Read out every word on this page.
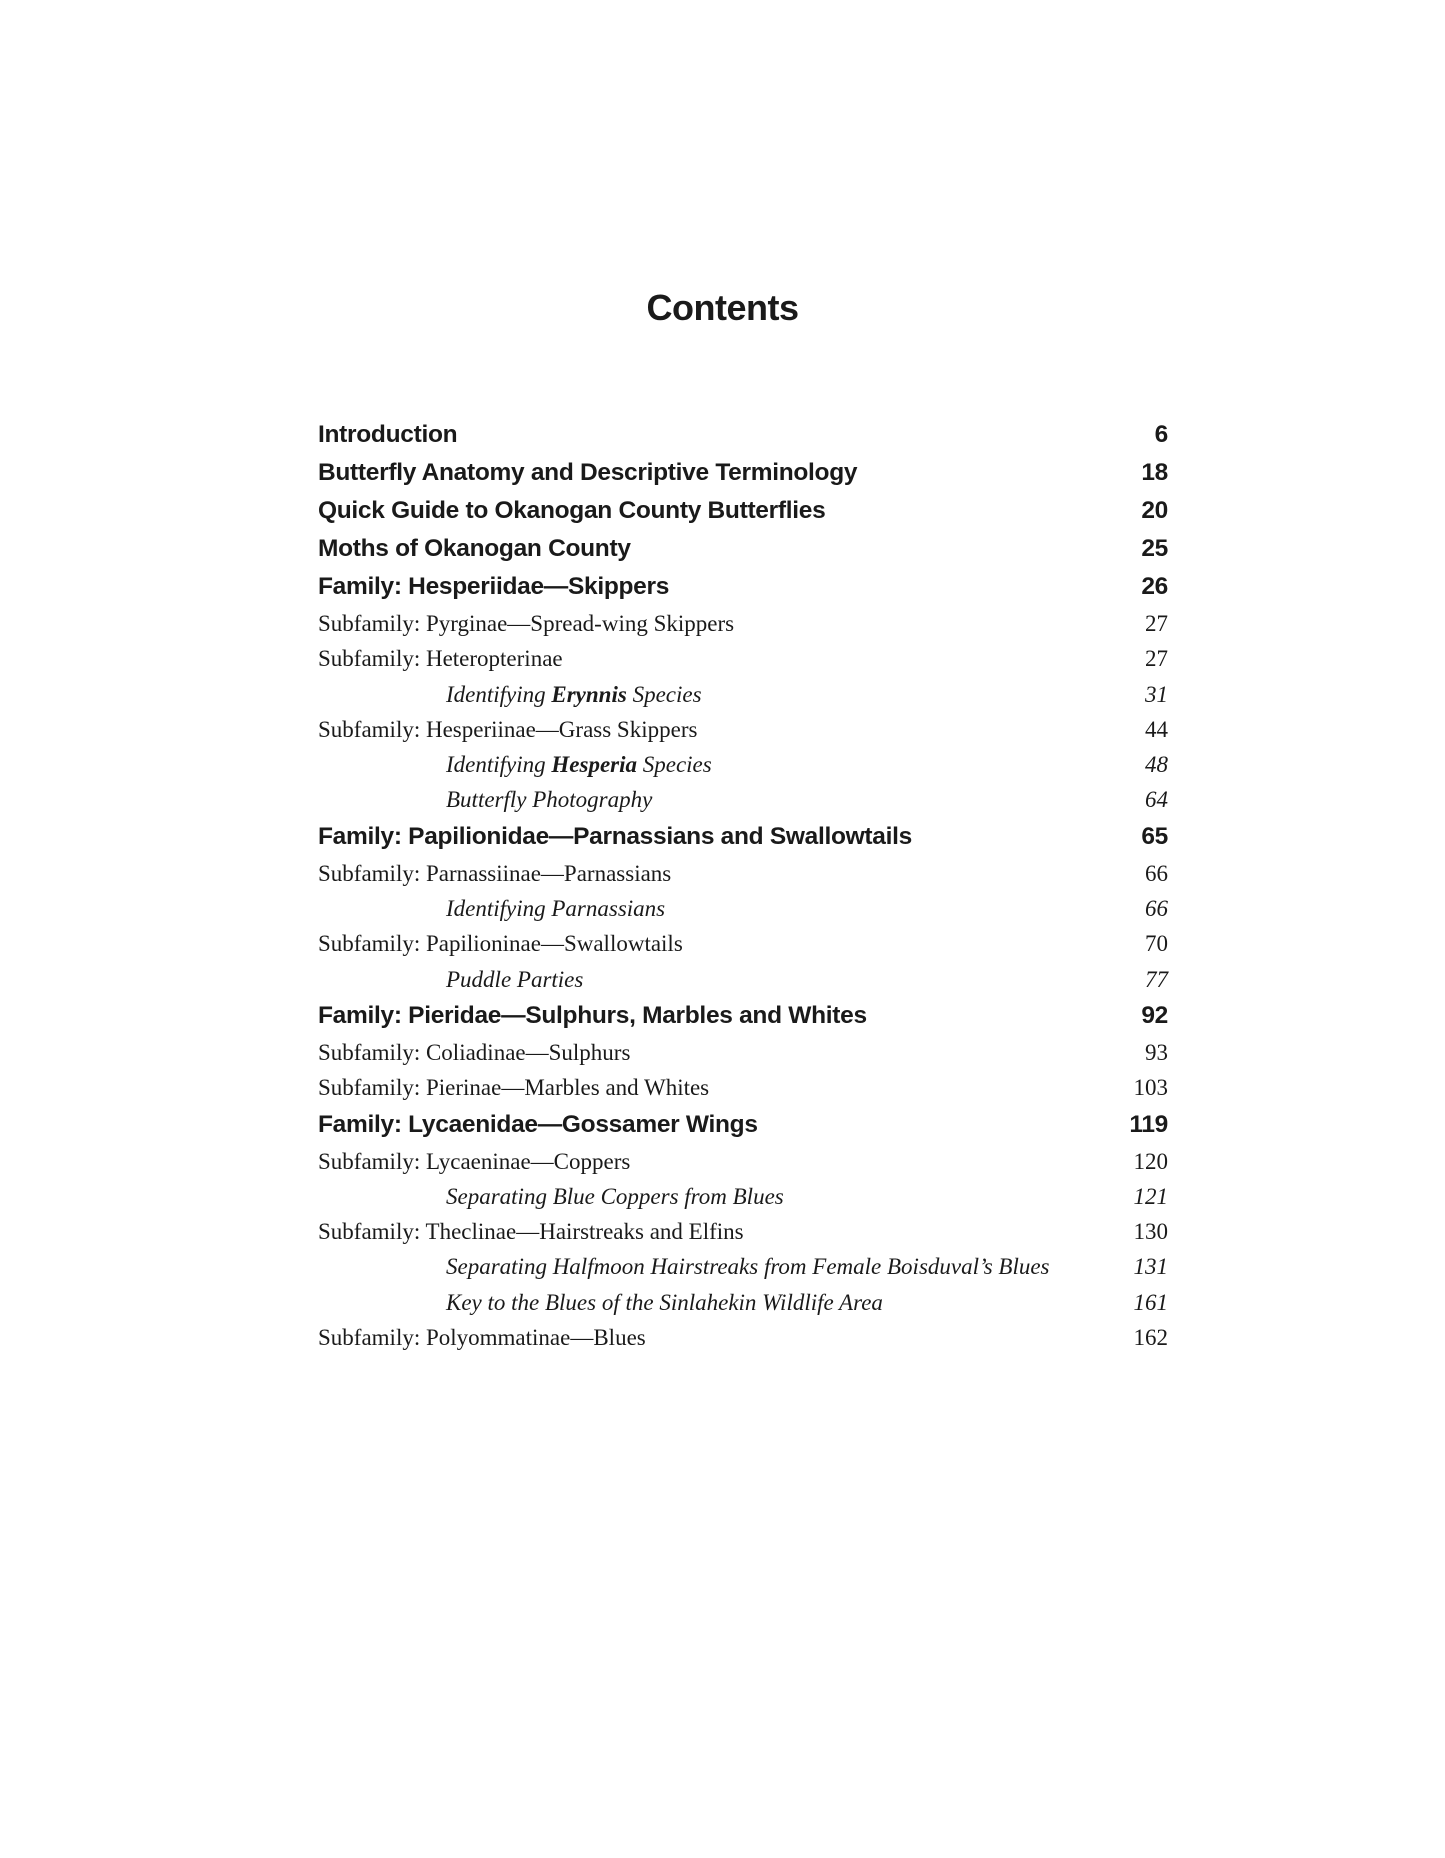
Contents
Introduction	6
Butterfly Anatomy and Descriptive Terminology	18
Quick Guide to Okanogan County Butterflies	20
Moths of Okanogan County	25
Family: Hesperiidae—Skippers	26
Subfamily: Pyrginae—Spread-wing Skippers	27
Subfamily: Heteropterinae	27
Identifying Erynnis Species	31
Subfamily: Hesperiinae—Grass Skippers	44
Identifying Hesperia Species	48
Butterfly Photography	64
Family: Papilionidae—Parnassians and Swallowtails	65
Subfamily: Parnassiinae—Parnassians	66
Identifying Parnassians	66
Subfamily: Papilioninae—Swallowtails	70
Puddle Parties	77
Family: Pieridae—Sulphurs, Marbles and Whites	92
Subfamily: Coliadinae—Sulphurs	93
Subfamily: Pierinae—Marbles and Whites	103
Family: Lycaenidae—Gossamer Wings	119
Subfamily: Lycaeninae—Coppers	120
Separating Blue Coppers from Blues	121
Subfamily: Theclinae—Hairstreaks and Elfins	130
Separating Halfmoon Hairstreaks from Female Boisduval’s Blues	131
Key to the Blues of the Sinlahekin Wildlife Area	161
Subfamily: Polyommatinae—Blues	162
